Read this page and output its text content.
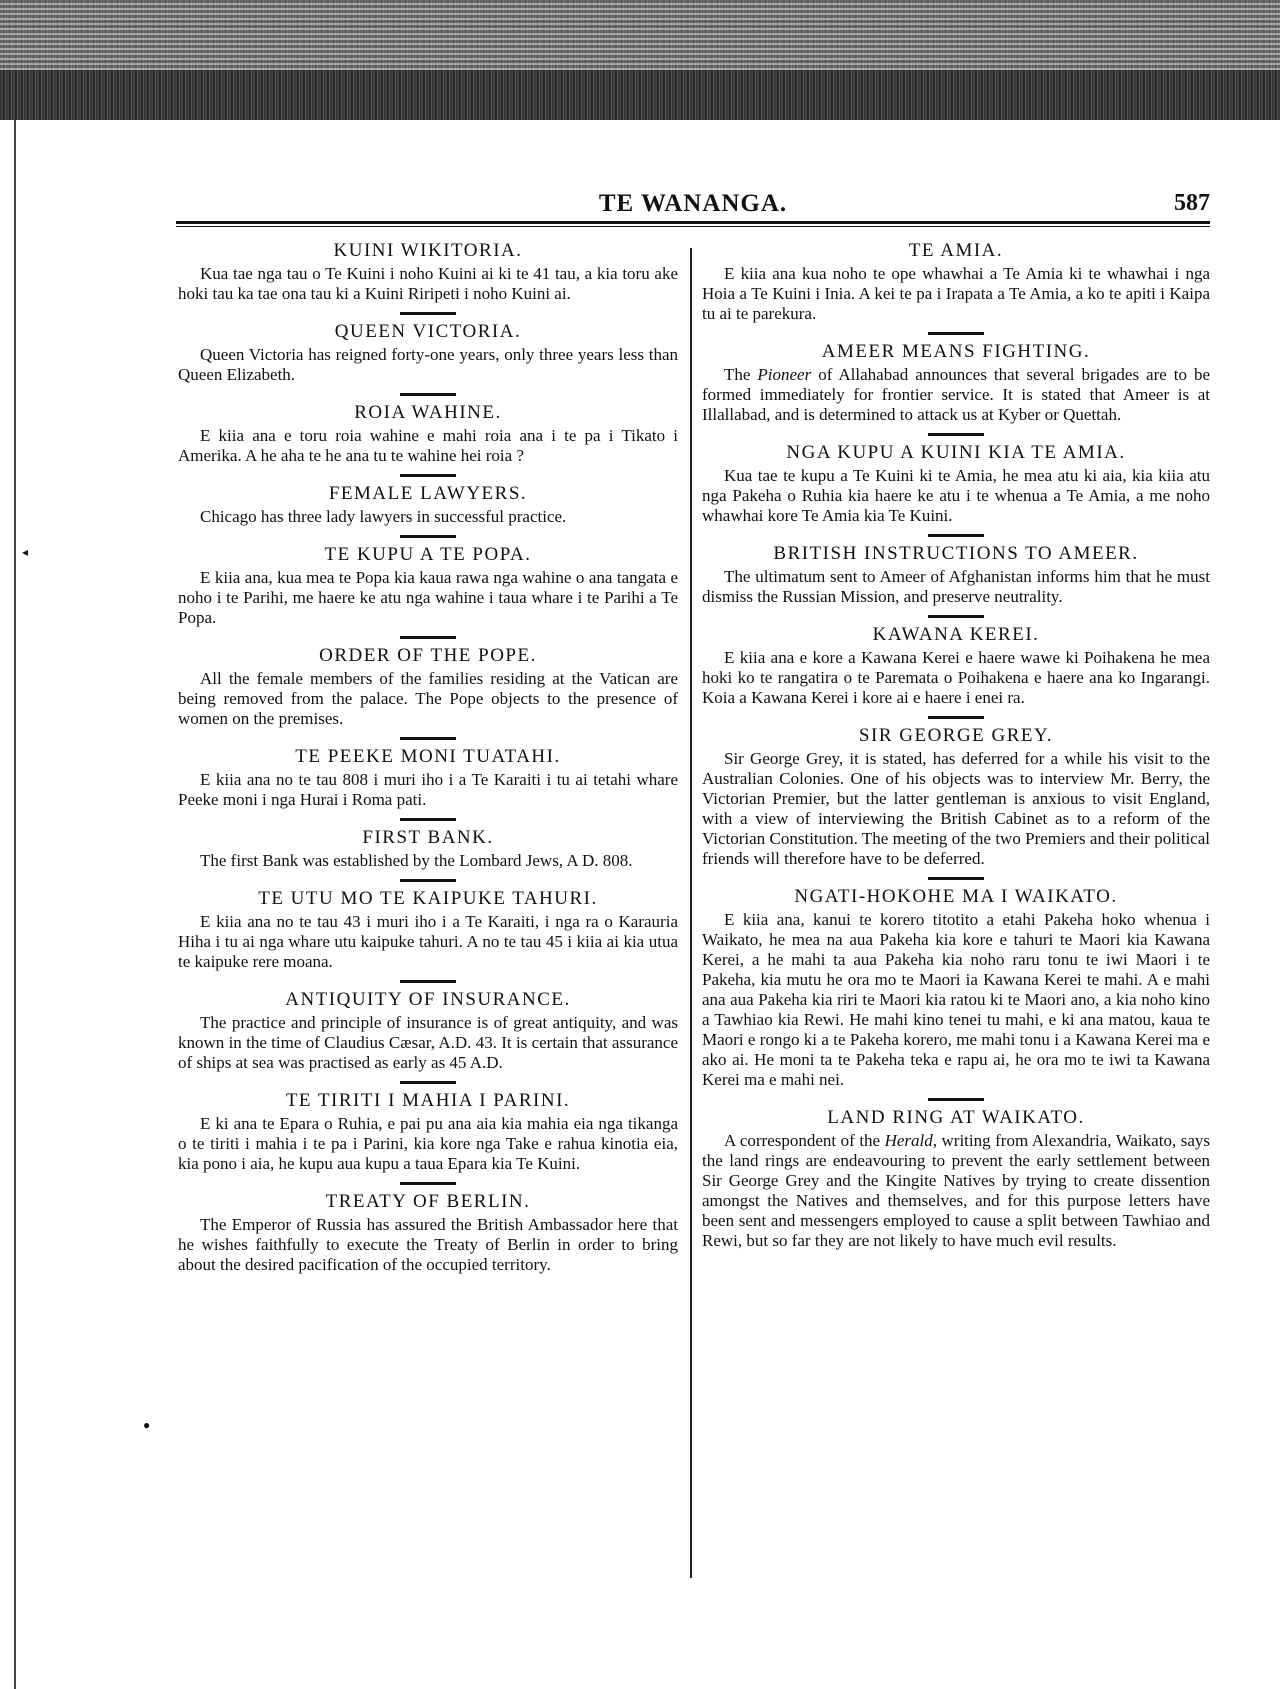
TE WANANGA.	587
◂
●
KUINI WIKITORIA.

Kua tae nga tau o Te Kuini i noho Kuini ai ki te 41 tau, a kia toru ake hoki tau ka tae ona tau ki a Kuini Riripeti i noho Kuini ai.

QUEEN VICTORIA.

Queen Victoria has reigned forty-one years, only three years less than Queen Elizabeth.

ROIA WAHINE.

E kiia ana e toru roia wahine e mahi roia ana i te pa i Tikato i Amerika. A he aha te he ana tu te wahine hei roia ?

FEMALE LAWYERS.

Chicago has three lady lawyers in successful practice.

TE KUPU A TE POPA.

E kiia ana, kua mea te Popa kia kaua rawa nga wahine o ana tangata e noho i te Parihi, me haere ke atu nga wahine i taua whare i te Parihi a Te Popa.

ORDER OF THE POPE.

All the female members of the families residing at the Vatican are being removed from the palace. The Pope objects to the presence of women on the premises.

TE PEEKE MONI TUATAHI.

E kiia ana no te tau 808 i muri iho i a Te Karaiti i tu ai tetahi whare Peeke moni i nga Hurai i Roma pati.

FIRST BANK.

The first Bank was established by the Lombard Jews, A D. 808.

TE UTU MO TE KAIPUKE TAHURI.

E kiia ana no te tau 43 i muri iho i a Te Karaiti, i nga ra o Karauria Hiha i tu ai nga whare utu kaipuke tahuri. A no te tau 45 i kiia ai kia utua te kaipuke rere moana.

ANTIQUITY OF INSURANCE.

The practice and principle of insurance is of great antiquity, and was known in the time of Claudius Cæsar, A.D. 43. It is certain that assurance of ships at sea was practised as early as 45 A.D.

TE TIRITI I MAHIA I PARINI.

E ki ana te Epara o Ruhia, e pai pu ana aia kia mahia eia nga tikanga o te tiriti i mahia i te pa i Parini, kia kore nga Take e rahua kinotia eia, kia pono i aia, he kupu aua kupu a taua Epara kia Te Kuini.

TREATY OF BERLIN.

The Emperor of Russia has assured the British Ambassador here that he wishes faithfully to execute the Treaty of Berlin in order to bring about the desired pacification of the occupied territory.

TE AMIA.

E kiia ana kua noho te ope whawhai a Te Amia ki te whawhai i nga Hoia a Te Kuini i Inia. A kei te pa i Irapata a Te Amia, a ko te apiti i Kaipa tu ai te parekura.

AMEER MEANS FIGHTING.

The Pioneer of Allahabad announces that several brigades are to be formed immediately for frontier service. It is stated that Ameer is at Illallabad, and is determined to attack us at Kyber or Quettah.

NGA KUPU A KUINI KIA TE AMIA.

Kua tae te kupu a Te Kuini ki te Amia, he mea atu ki aia, kia kiia atu nga Pakeha o Ruhia kia haere ke atu i te whenua a Te Amia, a me noho whawhai kore Te Amia kia Te Kuini.

BRITISH INSTRUCTIONS TO AMEER.

The ultimatum sent to Ameer of Afghanistan informs him that he must dismiss the Russian Mission, and preserve neutrality.

KAWANA KEREI.

E kiia ana e kore a Kawana Kerei e haere wawe ki Poihakena he mea hoki ko te rangatira o te Paremata o Poihakena e haere ana ko Ingarangi. Koia a Kawana Kerei i kore ai e haere i enei ra.

SIR GEORGE GREY.

Sir George Grey, it is stated, has deferred for a while his visit to the Australian Colonies. One of his objects was to interview Mr. Berry, the Victorian Premier, but the latter gentleman is anxious to visit England, with a view of interviewing the British Cabinet as to a reform of the Victorian Constitution. The meeting of the two Premiers and their political friends will therefore have to be deferred.

NGATI-HOKOHE MA I WAIKATO.

E kiia ana, kanui te korero titotito a etahi Pakeha hoko whenua i Waikato, he mea na aua Pakeha kia kore e tahuri te Maori kia Kawana Kerei, a he mahi ta aua Pakeha kia noho raru tonu te iwi Maori i te Pakeha, kia mutu he ora mo te Maori ia Kawana Kerei te mahi. A e mahi ana aua Pakeha kia riri te Maori kia ratou ki te Maori ano, a kia noho kino a Tawhiao kia Rewi. He mahi kino tenei tu mahi, e ki ana matou, kaua te Maori e rongo ki a te Pakeha korero, me mahi tonu i a Kawana Kerei ma e ako ai. He moni ta te Pakeha teka e rapu ai, he ora mo te iwi ta Kawana Kerei ma e mahi nei.

LAND RING AT WAIKATO.

A correspondent of the Herald, writing from Alexandria, Waikato, says the land rings are endeavouring to prevent the early settlement between Sir George Grey and the Kingite Natives by trying to create dissention amongst the Natives and themselves, and for this purpose letters have been sent and messengers employed to cause a split between Tawhiao and Rewi, but so far they are not likely to have much evil results.
